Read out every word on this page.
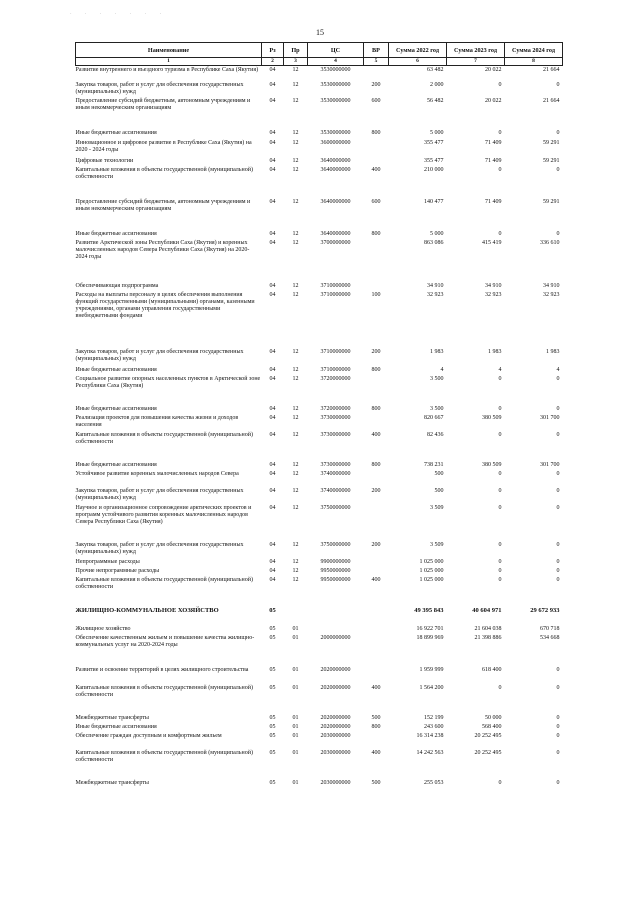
· · · · · · ·
15
Наименование	Рз	Пр	ЦС	ВР	Сумма 2022 год	Сумма 2023 год	Сумма 2024 год
1	2	3	4	5	6	7	8
Развитие внутреннего и въездного туризма в Республике Саха (Якутия)	04	12	3530000000		63 482	20 022	21 664
Закупка товаров, работ и услуг для обеспечения государственных (муниципальных) нужд	04	12	3530000000	200	2 000	0	0
Предоставление субсидий бюджетным, автономным учреждениям и иным некоммерческим организациям	04	12	3530000000	600	56 482	20 022	21 664
Иные бюджетные ассигнования	04	12	3530000000	800	5 000	0	0
Инновационное и цифровое развитие в Республике Саха (Якутия) на 2020 - 2024 годы	04	12	3600000000		355 477	71 409	59 291
Цифровые технологии	04	12	3640000000		355 477	71 409	59 291
Капитальные вложения в объекты государственной (муниципальной) собственности	04	12	3640000000	400	210 000	0	0
Предоставление субсидий бюджетным, автономным учреждениям и иным некоммерческим организациям	04	12	3640000000	600	140 477	71 409	59 291
Иные бюджетные ассигнования	04	12	3640000000	800	5 000	0	0
Развитие Арктической зоны Республики Саха (Якутия) и коренных малочисленных народов Севера Республики Саха (Якутия) на 2020-2024 годы	04	12	3700000000		863 086	415 419	336 610
Обеспечивающая подпрограмма	04	12	3710000000		34 910	34 910	34 910
Расходы на выплаты персоналу в целях обеспечения выполнения функций государственными (муниципальными) органами, казенными учреждениями, органами управления государственными внебюджетными фондами	04	12	3710000000	100	32 923	32 923	32 923
Закупка товаров, работ и услуг для обеспечения государственных (муниципальных) нужд	04	12	3710000000	200	1 983	1 983	1 983
Иные бюджетные ассигнования	04	12	3710000000	800	4	4	4
Социальное развитие опорных населенных пунктов в Арктической зоне Республики Саха (Якутия)	04	12	3720000000		3 500	0	0
Иные бюджетные ассигнования	04	12	3720000000	800	3 500	0	0
Реализация проектов для повышения качества жизни и доходов населения	04	12	3730000000		820 667	380 509	301 700
Капитальные вложения в объекты государственной (муниципальной) собственности	04	12	3730000000	400	82 436	0	0
Иные бюджетные ассигнования	04	12	3730000000	800	738 231	380 509	301 700
Устойчивое развитие коренных малочисленных народов Севера	04	12	3740000000		500	0	0
Закупка товаров, работ и услуг для обеспечения государственных (муниципальных) нужд	04	12	3740000000	200	500	0	0
Научное и организационное сопровождение арктических проектов и программ устойчивого развития коренных малочисленных народов Севера Республики Саха (Якутия)	04	12	3750000000		3 509	0	0
Закупка товаров, работ и услуг для обеспечения государственных (муниципальных) нужд	04	12	3750000000	200	3 509	0	0
Непрограммные расходы	04	12	9900000000		1 025 000	0	0
Прочие непрограммные расходы	04	12	9950000000		1 025 000	0	0
Капитальные вложения в объекты государственной (муниципальной) собственности	04	12	9950000000	400	1 025 000	0	0
ЖИЛИЩНО-КОММУНАЛЬНОЕ ХОЗЯЙСТВО	05				49 395 843	40 604 971	29 672 933
Жилищное хозяйство	05	01			16 922 701	21 604 038	670 718
Обеспечение качественным жильем и повышение качества жилищно-коммунальных услуг на 2020-2024 годы	05	01	2000000000		18 899 969	21 398 886	534 668
Развитие и освоение территорий в целях жилищного строительства	05	01	2020000000		1 959 999	618 400	0
Капитальные вложения в объекты государственной (муниципальной) собственности	05	01	2020000000	400	1 564 200	0	0
Межбюджетные трансферты	05	01	2020000000	500	152 199	50 000	0
Иные бюджетные ассигнования	05	01	2020000000	800	243 600	568 400	0
Обеспечение граждан доступным и комфортным жильем	05	01	2030000000		16 314 238	20 252 495	0
Капитальные вложения в объекты государственной (муниципальной) собственности	05	01	2030000000	400	14 242 563	20 252 495	0
Межбюджетные трансферты	05	01	2030000000	500	255 053	0	0
